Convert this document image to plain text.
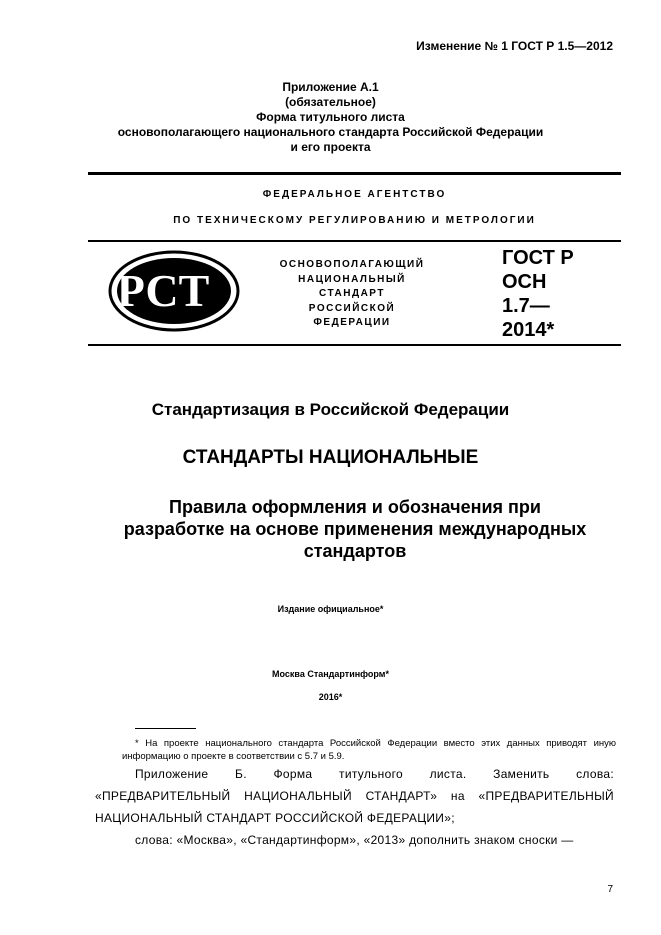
Изменение № 1 ГОСТ Р 1.5—2012
Приложение А.1
(обязательное)
Форма титульного листа
основополагающего национального стандарта Российской Федерации
и его проекта
ФЕДЕРАЛЬНОЕ АГЕНТСТВО
ПО ТЕХНИЧЕСКОМУ РЕГУЛИРОВАНИЮ И МЕТРОЛОГИИ
РСТ
ОСНОВОПОЛАГАЮЩИЙ
НАЦИОНАЛЬНЫЙ
СТАНДАРТ
РОССИЙСКОЙ
ФЕДЕРАЦИИ
ГОСТ Р
ОСН
1.7—
2014*
Стандартизация в Российской Федерации
СТАНДАРТЫ НАЦИОНАЛЬНЫЕ
Правила оформления и обозначения при
разработке на основе применения международных
стандартов
Издание официальное*
Москва Стандартинформ*
2016*
* На проекте национального стандарта Российской Федерации вместо этих данных приводят иную информацию о проекте в соответствии с 5.7 и 5.9.
Приложение Б. Форма титульного листа. Заменить слова: «ПРЕДВАРИТЕЛЬНЫЙ НАЦИОНАЛЬНЫЙ СТАНДАРТ» на «ПРЕДВАРИТЕЛЬНЫЙ НАЦИОНАЛЬНЫЙ СТАНДАРТ РОССИЙСКОЙ ФЕДЕРАЦИИ»;
слова: «Москва», «Стандартинформ», «2013» дополнить знаком сноски —
7
